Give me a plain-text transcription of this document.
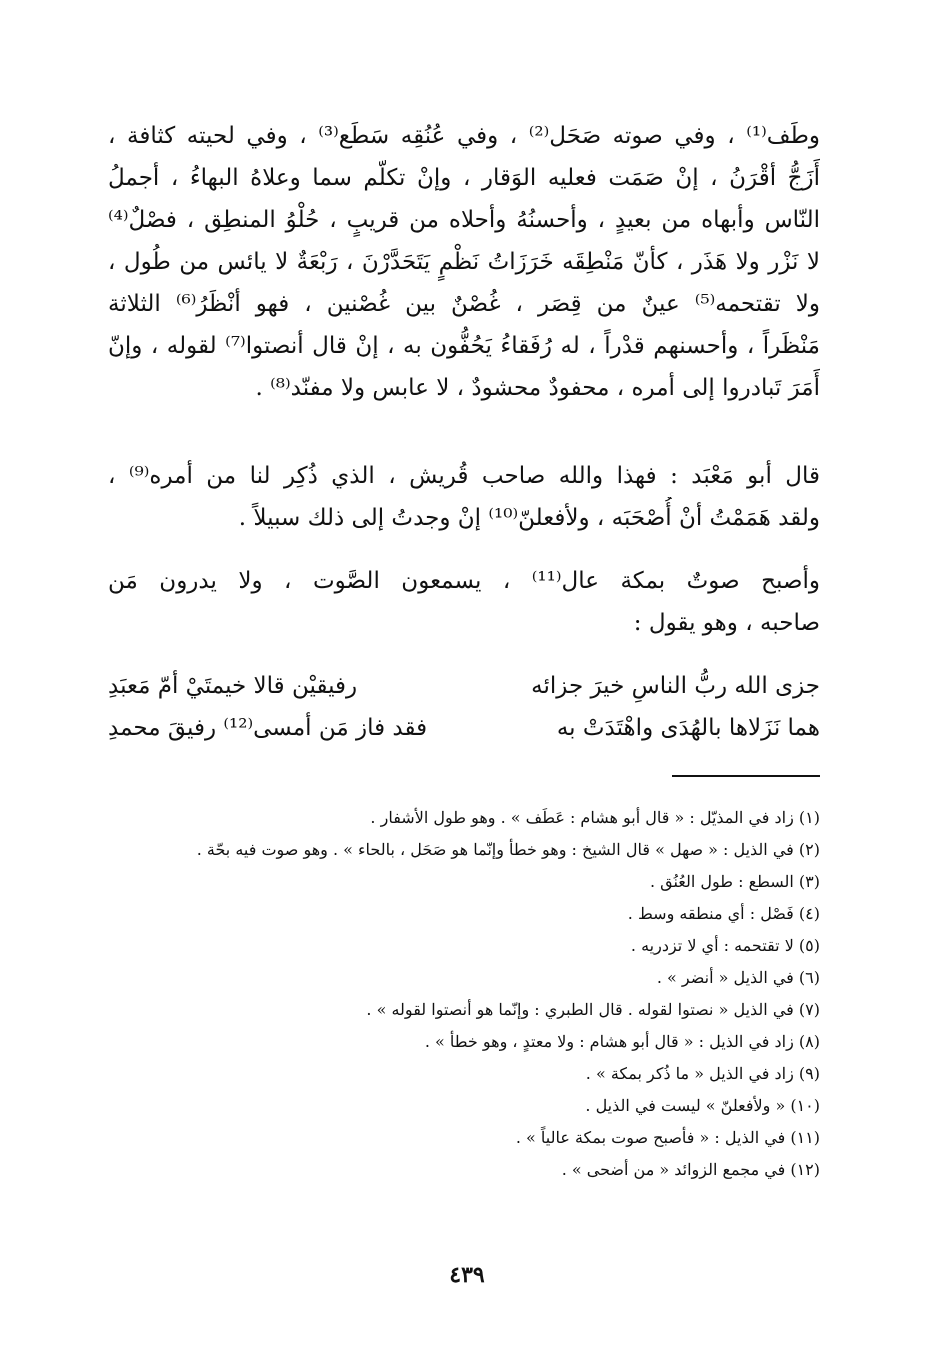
وطَف⁽¹⁾ ، وفي صوته صَحَل⁽²⁾ ، وفي عُنُقِه سَطَع⁽³⁾ ، وفي لحيته كثافة ،
أَزَجُّ أقْرَنُ ، إنْ صَمَت فعليه الوَقار ، وإنْ تكلّم سما وعلاهُ البهاءُ ، أجملُ
النّاس وأبهاه من بعيدٍ ، وأحسنُهُ وأحلاه من قريبٍ ، حُلْوُ المنطِق ، فصْلٌ⁽⁴⁾
لا نَزْر ولا هَذَر ، كأنّ مَنْطِقَه خَرَزَاتُ نَظْمٍ يَتَحَدَّرْنَ ، رَبْعَةٌ لا يائس من طُول ،
ولا تقتحمه⁽⁵⁾ عينٌ من قِصَر ، غُصْنٌ بين غُصْنين ، فهو أنْظَرُ⁽⁶⁾ الثلاثة
مَنْظَراً ، وأحسنهم قدْراً ، له رُفَقاءُ يَحُفُّون به ، إنْ قال أنصتوا⁽⁷⁾ لقوله ، وإنّ
أَمَرَ تَبادروا إلى أمره ، محفودٌ محشودٌ ، لا عابس ولا مفنّد⁽⁸⁾ .
قال أبو مَعْبَد : فهذا والله صاحب قُريش ، الذي ذُكِر لنا من أمره⁽⁹⁾ ،
ولقد هَمَمْتُ أنْ أُصْحَبَه ، ولأفعلنّ⁽¹⁰⁾ إنْ وجدتُ إلى ذلك سبيلاً .
وأصبح صوتٌ بمكة عال⁽¹¹⁾ ، يسمعون الصَّوت ، ولا يدرون مَن
صاحبه ، وهو يقول :
جزى الله ربُّ الناسِ خيرَ جزائه
رفيقيْن قالا خيمتَيْ أمّ مَعبَدِ
هما نَزَلاها بالهُدَى واهْتَدَتْ به
فقد فاز مَن أمسى⁽¹²⁾ رفيقَ محمدِ
(١) زاد في المذيّل : « قال أبو هشام : عَطَف » . وهو طول الأشفار .
(٢) في الذيل : « صهل » قال الشيخ : وهو خطأ وإنّما هو صَحَل ، بالحاء » . وهو صوت فيه بحّة .
(٣) السطع : طول العُنُق .
(٤) فَصْل : أي منطقه وسط .
(٥) لا تقتحمه : أي لا تزدريه .
(٦) في الذيل « أنضر » .
(٧) في الذيل « نصتوا لقوله . قال الطبري : وإنّما هو أنصتوا لقوله » .
(٨) زاد في الذيل : « قال أبو هشام : ولا معتدٍ ، وهو خطأ » .
(٩) زاد في الذيل « ما ذُكر بمكة » .
(١٠) « ولأفعلنّ » ليست في الذيل .
(١١) في الذيل : « فأصبح صوت بمكة عالياً » .
(١٢) في مجمع الزوائد « من أضحى » .
٤٣٩
